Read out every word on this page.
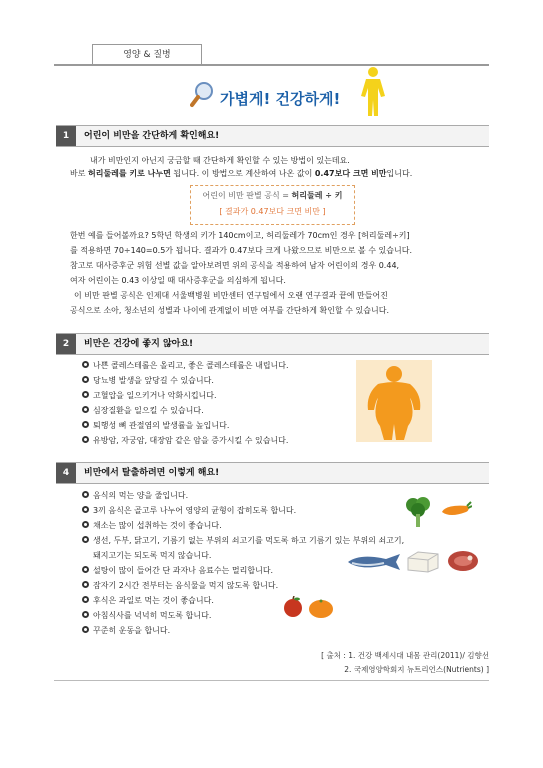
영양 & 질병
가볍게! 건강하게!
1	어린이 비만을 간단하게 확인해요!
내가 비만인지 아닌지 궁금할 때 간단하게 확인할 수 있는 방법이 있는데요.
바로 허리둘레를 키로 나누면 됩니다. 이 방법으로 계산하여 나온 값이 0.47보다 크면 비만입니다.
어린이 비만 판별 공식 = 허리둘레 ÷ 키
[ 결과가 0.47보다 크면 비만 ]
한번 예를 들어볼까요? 5학년 학생의 키가 140cm이고, 허리둘레가 70cm인 경우 [허리둘레÷키]
를 적용하면 70÷140=0.5가 됩니다. 결과가 0.47보다 크게 나왔으므로 비만으로 볼 수 있습니다.
참고로 대사증후군 위험 선별 값을 알아보려면 위의 공식을 적용하여 남자 어린이의 경우 0.44,
여자 어린이는 0.43 이상일 때 대사증후군을 의심하게 됩니다.
이 비만 판별 공식은 인제대 서울백병원 비만센터 연구팀에서 오랜 연구결과 끝에 만들어진
공식으로 소아, 청소년의 성별과 나이에 관계없이 비만 여부를 간단하게 확인할 수 있습니다.
2	비만은 건강에 좋지 않아요!
나쁜 콜레스테롤은 올리고, 좋은 콜레스테롤은 내립니다.
당뇨병 발생을 앞당길 수 있습니다.
고혈압을 일으키거나 악화시킵니다.
심장질환을 일으킬 수 있습니다.
퇴행성 뼈 관절염의 발생률을 높입니다.
유방암, 자궁암, 대장암 같은 암을 증가시킬 수 있습니다.
4	비만에서 탈출하려면 이렇게 해요!
음식의 먹는 양을 줄입니다.
3끼 음식은 골고루 나누어 영양의 균형이 잡히도록 합니다.
채소는 많이 섭취하는 것이 좋습니다.
생선, 두부, 닭고기, 기름기 없는 부위의 쇠고기를 먹도록 하고 기름기 있는 부위의 쇠고기,
돼지고기는 되도록 먹지 않습니다.
설탕이 많이 들어간 단 과자나 음료수는 멀리합니다.
잠자기 2시간 전부터는 음식물을 먹지 않도록 합니다.
후식은 과일로 먹는 것이 좋습니다.
아침식사를 넉넉히 먹도록 합니다.
꾸준히 운동을 합니다.
[ 출처 : 1. 건강 백세시대 내몸 관리(2011)/ 김향선
2. 국제영양학회지 뉴트리언스(Nutrients) ]
